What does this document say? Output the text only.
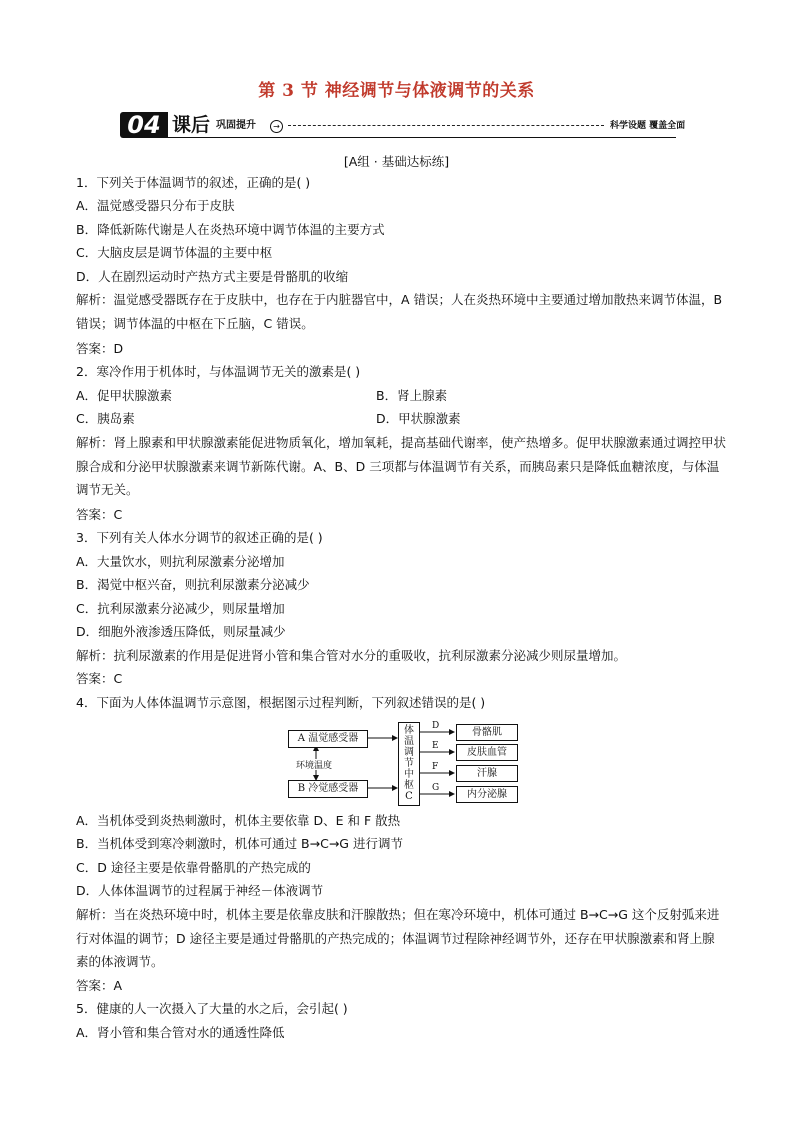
第 3 节 神经调节与体液调节的关系
04 课后 巩固提升	→	科学设题 覆盖全面
[A组 · 基础达标练]
1．下列关于体温调节的叙述，正确的是( )
A．温觉感受器只分布于皮肤
B．降低新陈代谢是人在炎热环境中调节体温的主要方式
C．大脑皮层是调节体温的主要中枢
D．人在剧烈运动时产热方式主要是骨骼肌的收缩
解析：温觉感受器既存在于皮肤中，也存在于内脏器官中，A 错误；人在炎热环境中主要通过增加散热来调节体温，B 错误；调节体温的中枢在下丘脑，C 错误。
答案：D
2．寒冷作用于机体时，与体温调节无关的激素是( )
A．促甲状腺激素	B．肾上腺素
C．胰岛素	D．甲状腺激素
解析：肾上腺素和甲状腺激素能促进物质氧化，增加氧耗，提高基础代谢率，使产热增多。促甲状腺激素通过调控甲状腺合成和分泌甲状腺激素来调节新陈代谢。A、B、D 三项都与体温调节有关系，而胰岛素只是降低血糖浓度，与体温调节无关。
答案：C
3．下列有关人体水分调节的叙述正确的是( )
A．大量饮水，则抗利尿激素分泌增加
B．渴觉中枢兴奋，则抗利尿激素分泌减少
C．抗利尿激素分泌减少，则尿量增加
D．细胞外液渗透压降低，则尿量减少
解析：抗利尿激素的作用是促进肾小管和集合管对水分的重吸收，抗利尿激素分泌减少则尿量增加。
答案：C
4．下面为人体体温调节示意图，根据图示过程判断，下列叙述错误的是( )
A 温觉感受器
环境温度
B 冷觉感受器
体
温
调
节
中
枢
C
D
E
F
G
骨骼肌
皮肤血管
汗腺
内分泌腺
A．当机体受到炎热刺激时，机体主要依靠 D、E 和 F 散热
B．当机体受到寒冷刺激时，机体可通过 B→C→G 进行调节
C．D 途径主要是依靠骨骼肌的产热完成的
D．人体体温调节的过程属于神经－体液调节
解析：当在炎热环境中时，机体主要是依靠皮肤和汗腺散热；但在寒冷环境中，机体可通过 B→C→G 这个反射弧来进行对体温的调节；D 途径主要是通过骨骼肌的产热完成的；体温调节过程除神经调节外，还存在甲状腺激素和肾上腺素的体液调节。
答案：A
5．健康的人一次摄入了大量的水之后，会引起( )
A．肾小管和集合管对水的通透性降低
